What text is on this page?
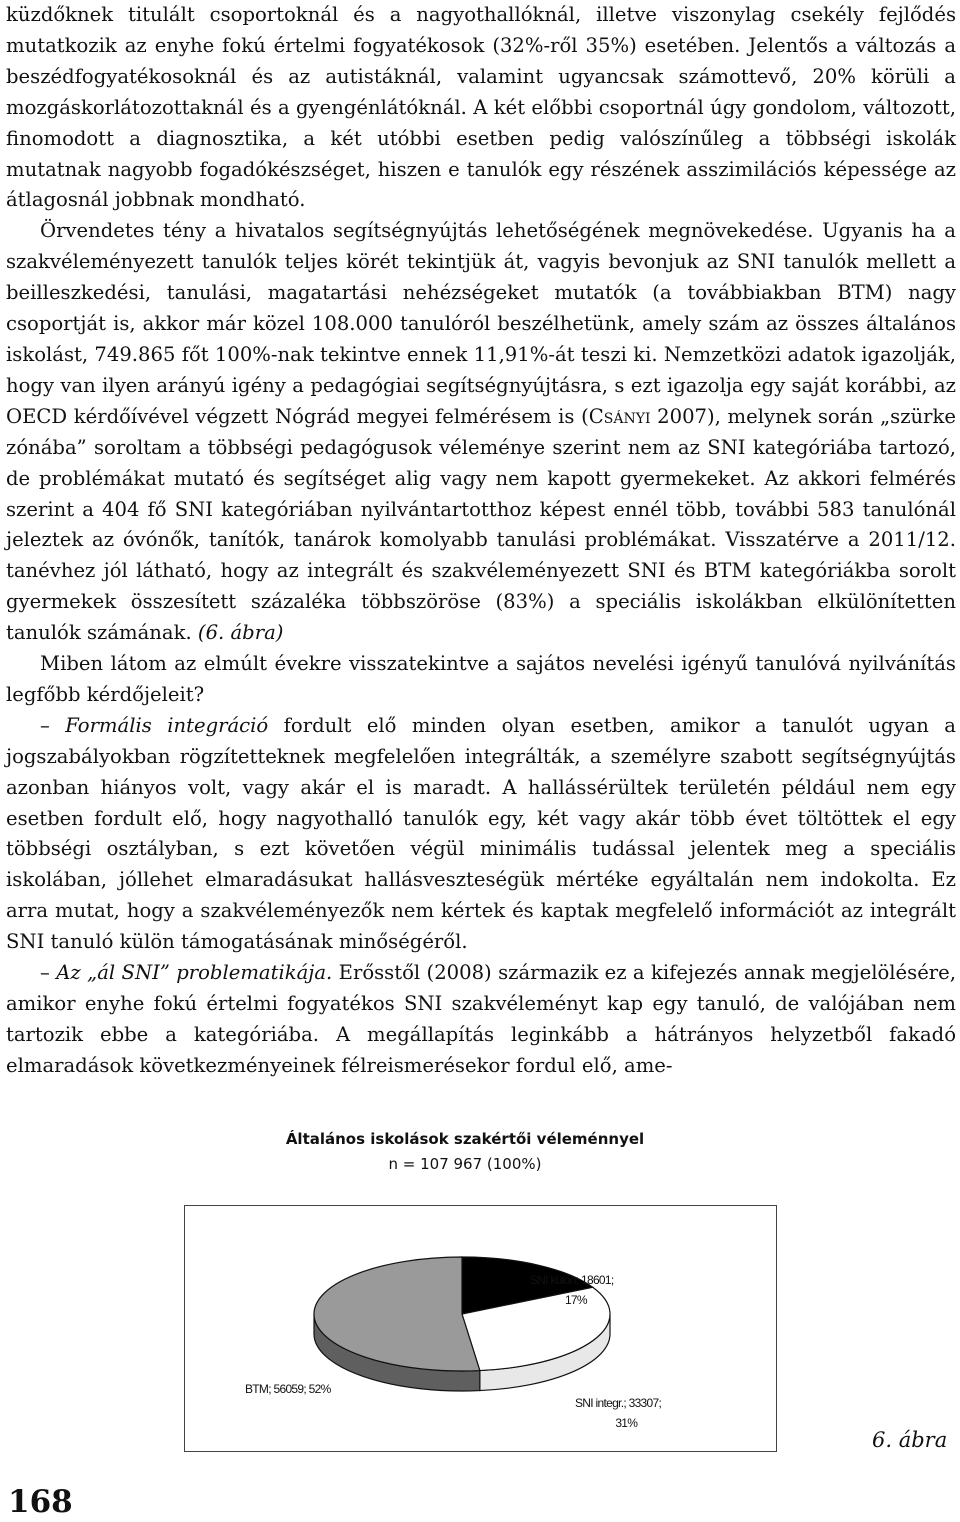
küzdőknek titulált csoportoknál és a nagyothallóknál, illetve viszonylag csekély fejlődés mutatkozik az enyhe fokú értelmi fogyatékosok (32%-ről 35%) esetében. Jelentős a változás a beszédfogyatékosoknál és az autistáknál, valamint ugyancsak számottevő, 20% körüli a mozgáskorlátozottaknál és a gyengénlátóknál. A két előbbi csoportnál úgy gondolom, változott, finomodott a diagnosztika, a két utóbbi esetben pedig valószínűleg a többségi iskolák mutatnak nagyobb fogadókészséget, hiszen e tanulók egy részének asszimilációs képessége az átlagosnál jobbnak mondható.

Örvendetes tény a hivatalos segítségnyújtás lehetőségének megnövekedése. Ugyanis ha a szakvéleményezett tanulók teljes körét tekintjük át, vagyis bevonjuk az SNI tanulók mellett a beilleszkedési, tanulási, magatartási nehézségeket mutatók (a továbbiakban BTM) nagy csoportját is, akkor már közel 108.000 tanulóról beszélhetünk, amely szám az összes általános iskolást, 749.865 főt 100%-nak tekintve ennek 11,91%-át teszi ki. Nemzetközi adatok igazolják, hogy van ilyen arányú igény a pedagógiai segítségnyújtásra, s ezt igazolja egy saját korábbi, az OECD kérdőívével végzett Nógrád megyei felmérésem is (Csányi 2007), melynek során „szürke zónába” soroltam a többségi pedagógusok véleménye szerint nem az SNI kategóriába tartozó, de problémákat mutató és segítséget alig vagy nem kapott gyermekeket. Az akkori felmérés szerint a 404 fő SNI kategóriában nyilvántartotthoz képest ennél több, további 583 tanulónál jeleztek az óvónők, tanítók, tanárok komolyabb tanulási problémákat. Visszatérve a 2011/12. tanévhez jól látható, hogy az integrált és szakvéleményezett SNI és BTM kategóriákba sorolt gyermekek összesített százaléka többszöröse (83%) a speciális iskolákban elkülönítetten tanulók számának. (6. ábra)

Miben látom az elmúlt évekre visszatekintve a sajátos nevelési igényű tanulóvá nyilvánítás legfőbb kérdőjeleit?

– Formális integráció fordult elő minden olyan esetben, amikor a tanulót ugyan a jogszabályokban rögzítetteknek megfelelően integrálták, a személyre szabott segítségnyújtás azonban hiányos volt, vagy akár el is maradt. A hallássérültek területén például nem egy esetben fordult elő, hogy nagyothalló tanulók egy, két vagy akár több évet töltöttek el egy többségi osztályban, s ezt követően végül minimális tudással jelentek meg a speciális iskolában, jóllehet elmaradásukat hallásveszteségük mértéke egyáltalán nem indokolta. Ez arra mutat, hogy a szakvéleményezők nem kértek és kaptak megfelelő információt az integrált SNI tanuló külön támogatásának minőségéről.

– Az „ál SNI” problematikája. Erősstől (2008) származik ez a kifejezés annak megjelölésére, amikor enyhe fokú értelmi fogyatékos SNI szakvéleményt kap egy tanuló, de valójában nem tartozik ebbe a kategóriába. A megállapítás leginkább a hátrányos helyzetből fakadó elmaradások következményeinek félreismerésekor fordul elő, ame-

Általános iskolások szakértői véleménnyel
n = 107 967 (100%)
SNI külön; 18601;
17%
SNI integr.; 33307;
31%
BTM; 56059; 52%
6. ábra
168
